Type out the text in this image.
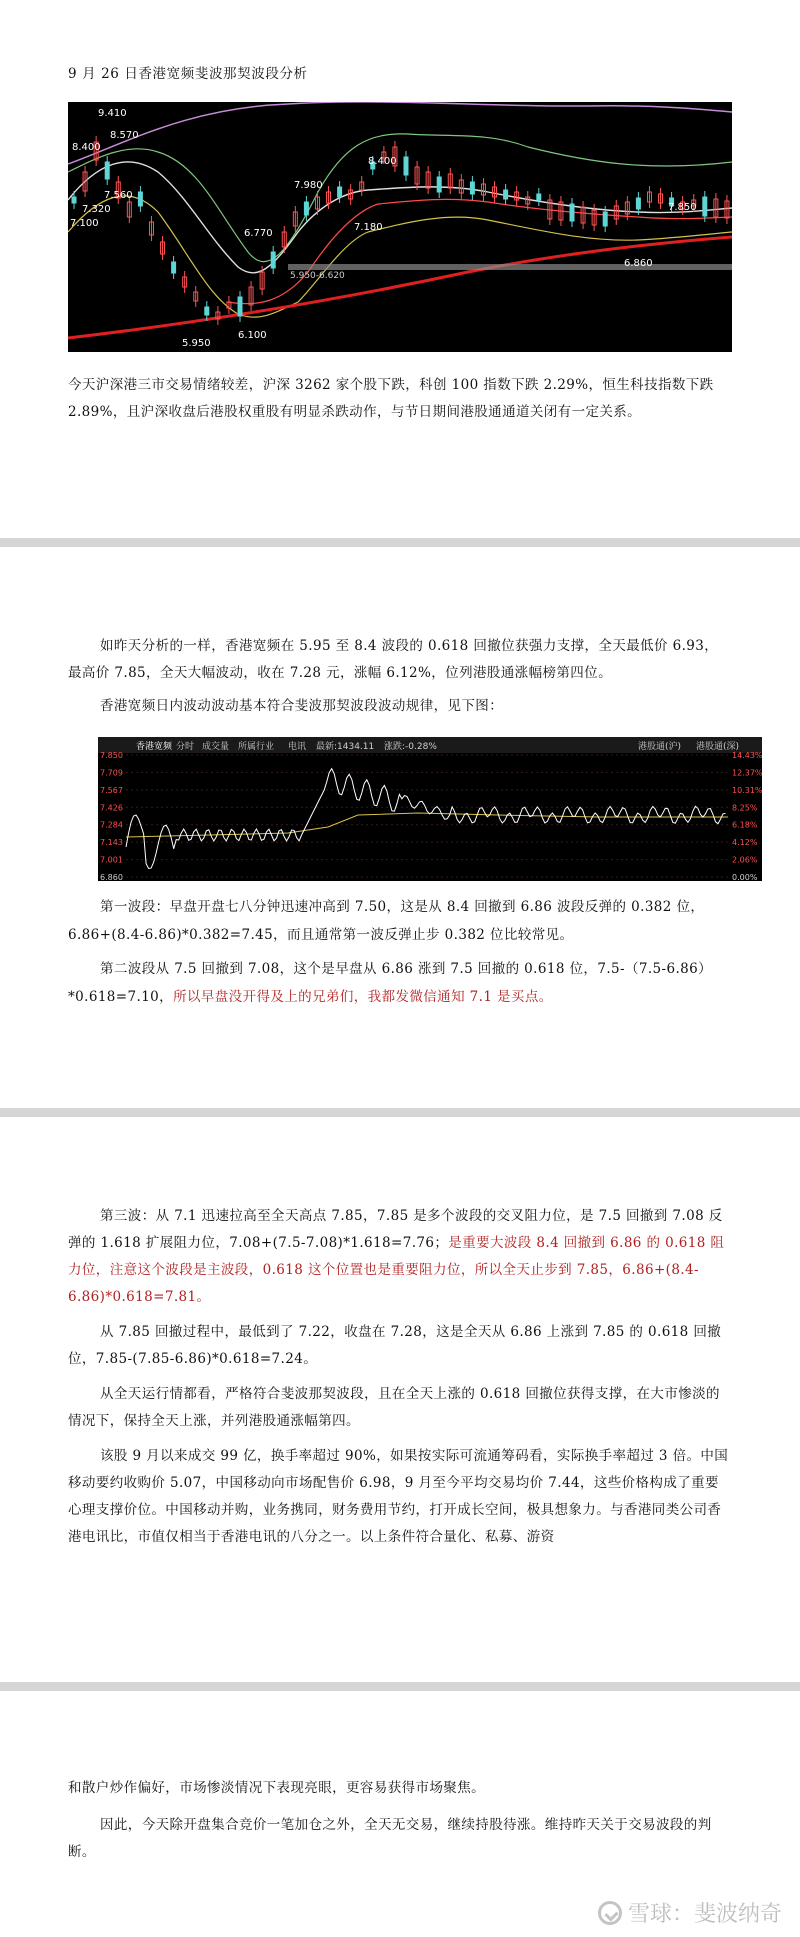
9 月 26 日香港宽频斐波那契波段分析
9.410
8.570
8.400
7.560
7.320
7.100
6.770
5.950
6.100
7.980
8.400
7.180
7.850
6.860
5.950-6.620

今天沪深港三市交易情绪较差，沪深 3262 家个股下跌，科创 100 指数下跌 2.29%，恒生科技指数下跌 2.89%，且沪深收盘后港股权重股有明显杀跌动作，与节日期间港股通通道关闭有一定关系。

如昨天分析的一样，香港宽频在 5.95 至 8.4 波段的 0.618 回撤位获强力支撑，全天最低价 6.93，最高价 7.85，全天大幅波动，收在 7.28 元，涨幅 6.12%，位列港股通涨幅榜第四位。

香港宽频日内波动波动基本符合斐波那契波段波动规律，见下图：

香港宽频 分时 成交量 所属行业 电讯 最新:1434.11 涨跌:-0.28%	港股通(沪) 港股通(深)
7.850	14.43%
7.709	12.37%
7.567	10.31%
7.426	8.25%
7.284	6.18%
7.143	4.12%
7.001	2.06%
6.860	0.00%

第一波段：早盘开盘七八分钟迅速冲高到 7.50，这是从 8.4 回撤到 6.86 波段反弹的 0.382 位，6.86+(8.4-6.86)*0.382=7.45，而且通常第一波反弹止步 0.382 位比较常见。

第二波段从 7.5 回撤到 7.08，这个是早盘从 6.86 涨到 7.5 回撤的 0.618 位，7.5-（7.5-6.86）*0.618=7.10，所以早盘没开得及上的兄弟们，我都发微信通知 7.1 是买点。

第三波：从 7.1 迅速拉高至全天高点 7.85，7.85 是多个波段的交叉阻力位，是 7.5 回撤到 7.08 反弹的 1.618 扩展阻力位，7.08+(7.5-7.08)*1.618=7.76；是重要大波段 8.4 回撤到 6.86 的 0.618 阻力位，注意这个波段是主波段，0.618 这个位置也是重要阻力位，所以全天止步到 7.85，6.86+(8.4-6.86)*0.618=7.81。

从 7.85 回撤过程中，最低到了 7.22，收盘在 7.28，这是全天从 6.86 上涨到 7.85 的 0.618 回撤位，7.85-(7.85-6.86)*0.618=7.24。

从全天运行情都看，严格符合斐波那契波段，且在全天上涨的 0.618 回撤位获得支撑，在大市惨淡的情况下，保持全天上涨，并列港股通涨幅第四。

该股 9 月以来成交 99 亿，换手率超过 90%，如果按实际可流通筹码看，实际换手率超过 3 倍。中国移动要约收购价 5.07，中国移动向市场配售价 6.98，9 月至今平均交易均价 7.44，这些价格构成了重要心理支撑价位。中国移动并购，业务携同，财务费用节约，打开成长空间，极具想象力。与香港同类公司香港电讯比，市值仅相当于香港电讯的八分之一。以上条件符合量化、私募、游资

和散户炒作偏好，市场惨淡情况下表现亮眼，更容易获得市场聚焦。

因此，今天除开盘集合竞价一笔加仓之外，全天无交易，继续持股待涨。维持昨天关于交易波段的判断。

雪球：斐波纳奇
